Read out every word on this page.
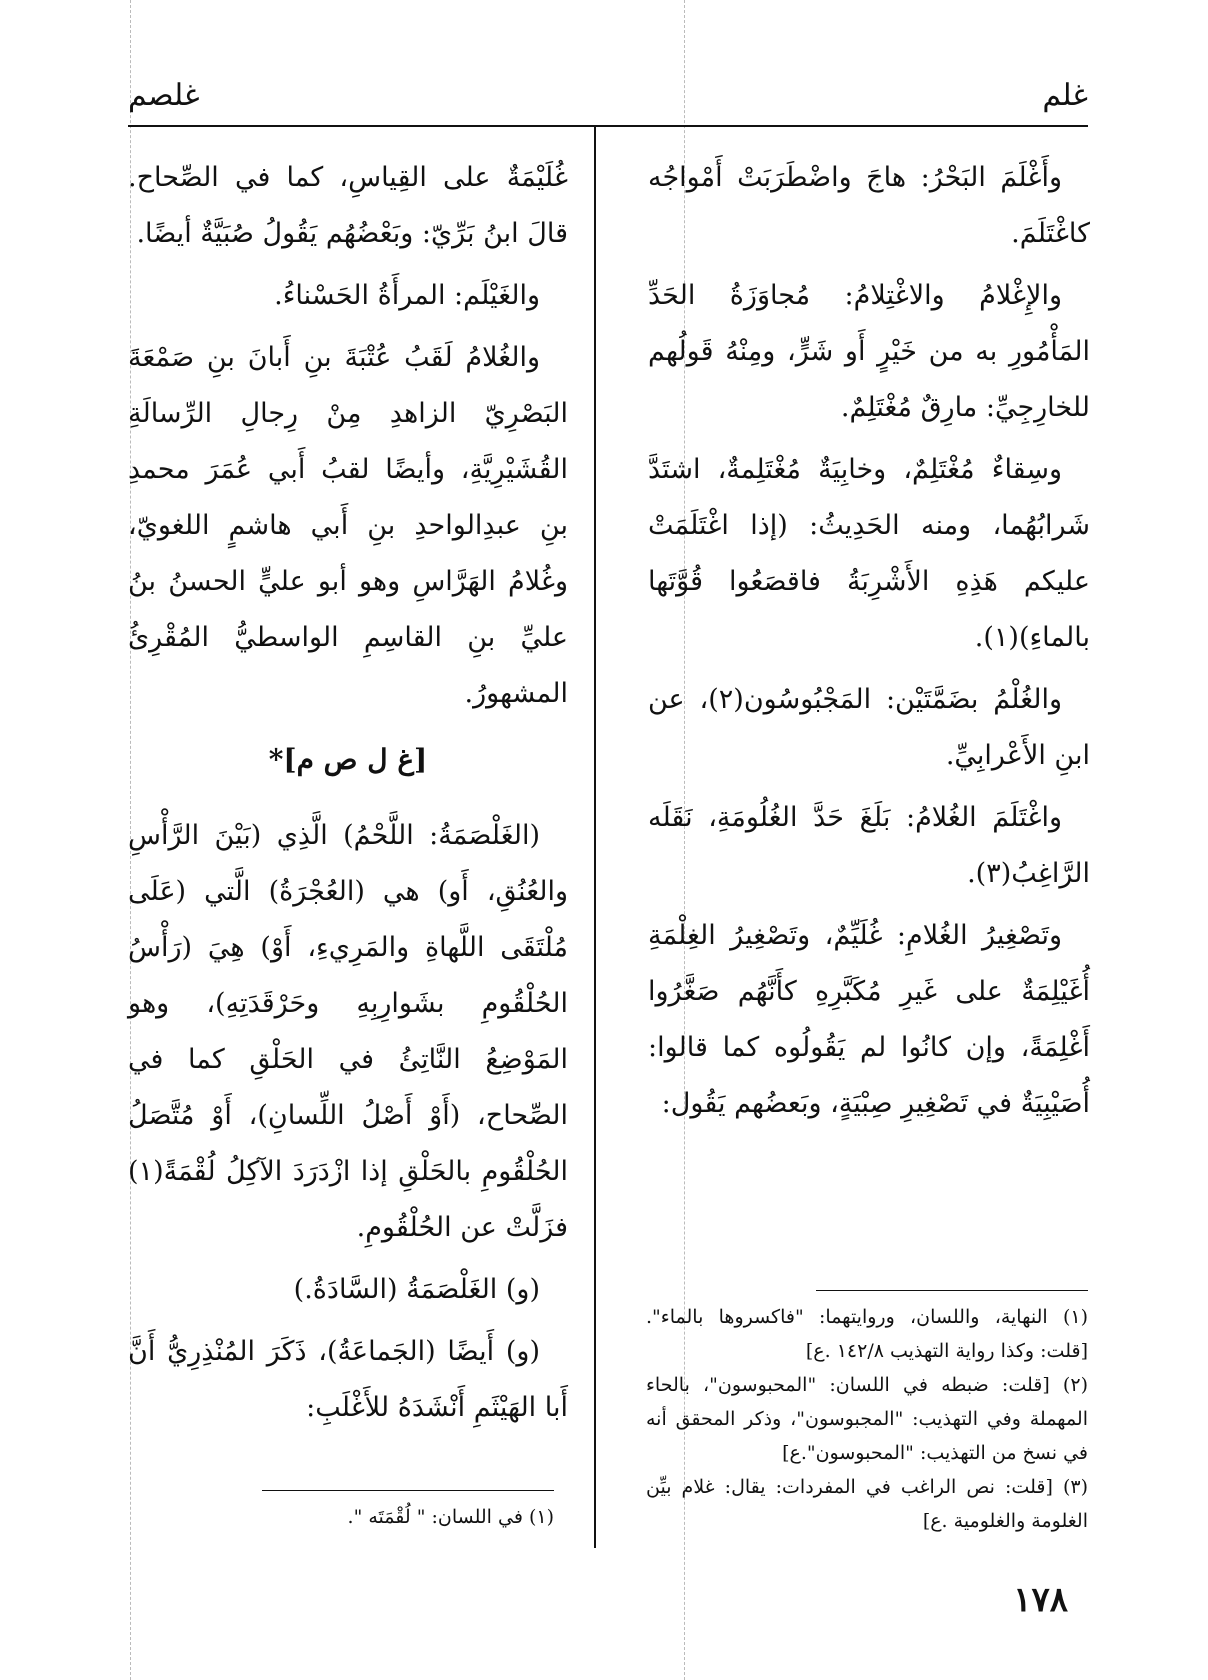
غلم
غلصم

وأَغْلَمَ البَحْرُ: هاجَ واضْطَرَبَتْ أَمْواجُه كاغْتَلَمَ.

والإِغْلامُ والاغْتِلامُ: مُجاوَزَةُ الحَدِّ المَأْمُورِ به من خَيْرٍ أَو شَرٍّ، ومِنْهُ قَولُهم للخارِجِيِّ: مارِقٌ مُغْتَلِمٌ.

وسِقاءٌ مُغْتَلِمٌ، وخابِيَةٌ مُغْتَلِمةٌ، اشتَدَّ شَرابُهُما، ومنه الحَدِيثُ: (إذا اغْتَلَمَتْ عليكم هَذِهِ الأَشْرِبَةُ فاقصَعُوا قُوَّتَها بالماءِ)(١).

والغُلْمُ بضَمَّتَيْن: المَجْبُوسُون(٢)، عن ابنِ الأَعْرابِيِّ.

واغْتَلَمَ الغُلامُ: بَلَغَ حَدَّ الغُلُومَةِ، نَقَلَه الرَّاغِبُ(٣).

وتَصْغِيرُ الغُلامِ: غُلَيِّمٌ، وتَصْغِيرُ الغِلْمَةِ أُغَيْلِمَةٌ على غَيرِ مُكَبَّرِهِ كأَنَّهُم صَغَّرُوا أَغْلِمَةً، وإن كانُوا لم يَقُولُوه كما قالوا: أُصَيْبِيَةٌ في تَصْغِيرِ صِبْيَةٍ، وبَعضُهم يَقُول:

غُلَيْمَةٌ على القِياسِ، كما في الصِّحاح. قالَ ابنُ بَرِّيّ: وبَعْضُهُم يَقُولُ صُبَيَّةٌ أيضًا.

والغَيْلَم: المرأَةُ الحَسْناءُ.

والغُلامُ لَقَبُ عُتْبَةَ بنِ أَبانَ بنِ صَمْعَةَ البَصْرِيّ الزاهدِ مِنْ رِجالِ الرِّسالَةِ القُشَيْرِيَّةِ، وأيضًا لقبُ أَبي عُمَرَ محمدِ بنِ عبدِالواحدِ بنِ أَبي هاشمٍ اللغويّ، وغُلامُ الهَرَّاسِ وهو أبو عليٍّ الحسنُ بنُ عليِّ بنِ القاسِمِ الواسطيُّ المُقْرِئُ المشهورُ.

[غ ل ص م]*

(الغَلْصَمَةُ: اللَّحْمُ) الَّذِي (بَيْنَ الرَّأْسِ والعُنُقِ، أَو) هي (العُجْرَةُ) الَّتي (عَلَى مُلْتَقَى اللَّهاةِ والمَرِيءِ، أَوْ) هِيَ (رَأْسُ الحُلْقُومِ بشَوارِبِهِ وحَرْقَدَتِهِ)، وهو المَوْضِعُ النَّاتِئُ في الحَلْقِ كما في الصِّحاح، (أَوْ أَصْلُ اللِّسانِ)، أَوْ مُتَّصَلُ الحُلْقُومِ بالحَلْقِ إذا ازْدَرَدَ الآكِلُ لُقْمَةً(١) فزَلَّتْ عن الحُلْقُومِ.

(و) الغَلْصَمَةُ (السَّادَةُ.)

(و) أَيضًا (الجَماعَةُ)، ذَكَرَ المُنْذِرِيُّ أَنَّ أَبا الهَيْثَمِ أَنْشَدَهُ للأَغْلَبِ:

(١) النهاية، واللسان، وروايتهما: "فاكسروها بالماء". [قلت: وكذا رواية التهذيب ١٤٢/٨ .ع]

(٢) [قلت: ضبطه في اللسان: "المحبوسون"، بالحاء المهملة وفي التهذيب: "المجبوسون"، وذكر المحقق أنه في نسخ من التهذيب: "المحبوسون".ع]

(٣) [قلت: نص الراغب في المفردات: يقال: غلام بيِّن الغلومة والغلومية .ع]

(١) في اللسان: " لُقْمَتَه ".

١٧٨
